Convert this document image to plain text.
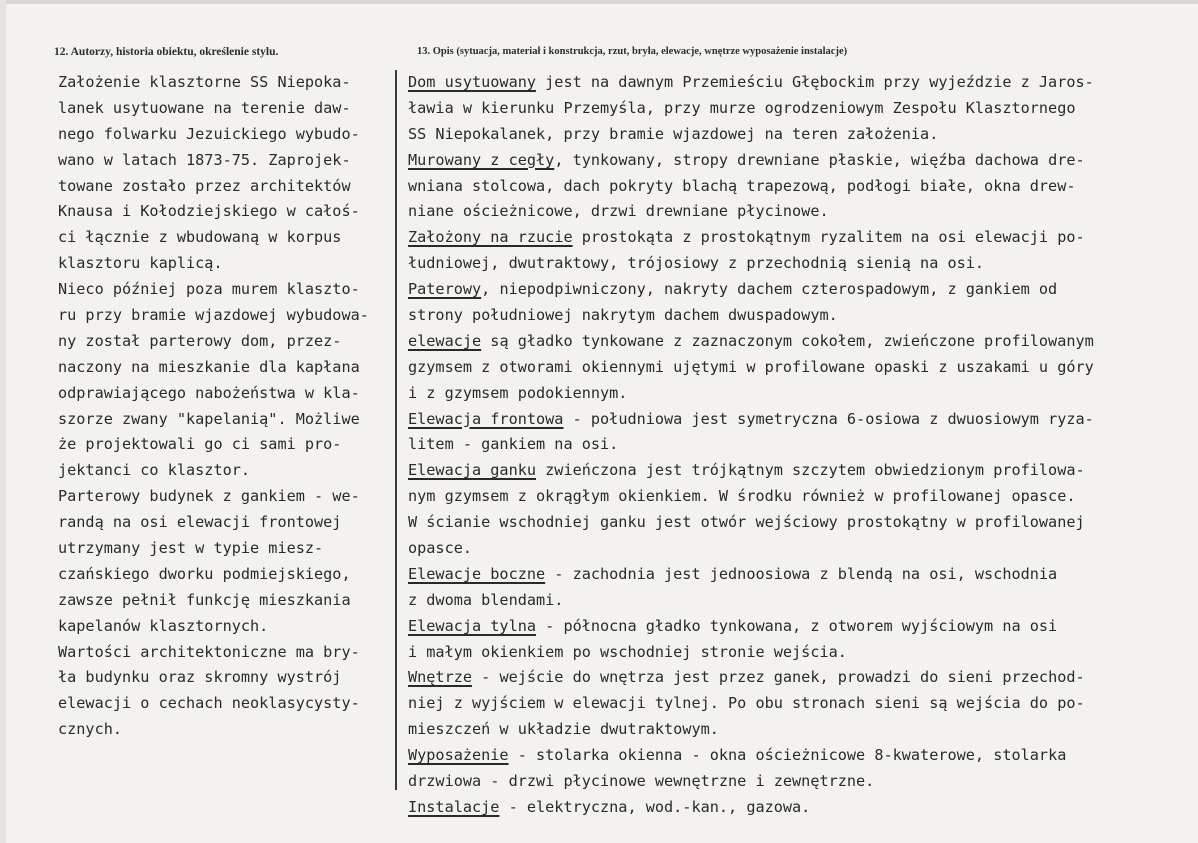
12. Autorzy, historia obiektu, określenie stylu.	13. Opis (sytuacja, materiał i konstrukcja, rzut, bryła, elewacje, wnętrze wyposażenie instalacje)
Założenie klasztorne SS Niepoka-
lanek usytuowane na terenie daw-
nego folwarku Jezuickiego wybudo-
wano w latach 1873-75. Zaprojek-
towane zostało przez architektów
Knausa i Kołodziejskiego w całoś-
ci łącznie z wbudowaną w korpus
klasztoru kaplicą.
Nieco później poza murem klaszto-
ru przy bramie wjazdowej wybudowa-
ny został parterowy dom, przez-
naczony na mieszkanie dla kapłana
odprawiającego nabożeństwa w kla-
szorze zwany "kapelanią". Możliwe
że projektowali go ci sami pro-
jektanci co klasztor.
Parterowy budynek z gankiem - we-
randą na osi elewacji frontowej
utrzymany jest w typie miesz-
czańskiego dworku podmiejskiego,
zawsze pełnił funkcję mieszkania
kapelanów klasztornych.
Wartości architektoniczne ma bry-
ła budynku oraz skromny wystrój
elewacji o cechach neoklasycysty-
cznych.
Dom usytuowany jest na dawnym Przemieściu Głębockim przy wyjeździe z Jaros-
ławia w kierunku Przemyśla, przy murze ogrodzeniowym Zespołu Klasztornego
SS Niepokalanek, przy bramie wjazdowej na teren założenia.
Murowany z cegły, tynkowany, stropy drewniane płaskie, więźba dachowa dre-
wniana stolcowa, dach pokryty blachą trapezową, podłogi białe, okna drew-
niane ościeżnicowe, drzwi drewniane płycinowe.
Założony na rzucie prostokąta z prostokątnym ryzalitem na osi elewacji po-
łudniowej, dwutraktowy, trójosiowy z przechodnią sienią na osi.
Paterowy, niepodpiwniczony, nakryty dachem czterospadowym, z gankiem od
strony południowej nakrytym dachem dwuspadowym.
elewacje są gładko tynkowane z zaznaczonym cokołem, zwieńczone profilowanym
gzymsem z otworami okiennymi ujętymi w profilowane opaski z uszakami u góry
i z gzymsem podokiennym.
Elewacja frontowa - południowa jest symetryczna 6-osiowa z dwuosiowym ryza-
litem - gankiem na osi.
Elewacja ganku zwieńczona jest trójkątnym szczytem obwiedzionym profilowa-
nym gzymsem z okrągłym okienkiem. W środku również w profilowanej opasce.
W ścianie wschodniej ganku jest otwór wejściowy prostokątny w profilowanej
opasce.
Elewacje boczne - zachodnia jest jednoosiowa z blendą na osi, wschodnia
z dwoma blendami.
Elewacja tylna - północna gładko tynkowana, z otworem wyjściowym na osi
i małym okienkiem po wschodniej stronie wejścia.
Wnętrze - wejście do wnętrza jest przez ganek, prowadzi do sieni przechod-
niej z wyjściem w elewacji tylnej. Po obu stronach sieni są wejścia do po-
mieszczeń w układzie dwutraktowym.
Wyposażenie - stolarka okienna - okna ościeżnicowe 8-kwaterowe, stolarka
drzwiowa - drzwi płycinowe wewnętrzne i zewnętrzne.
Instalacje - elektryczna, wod.-kan., gazowa.
